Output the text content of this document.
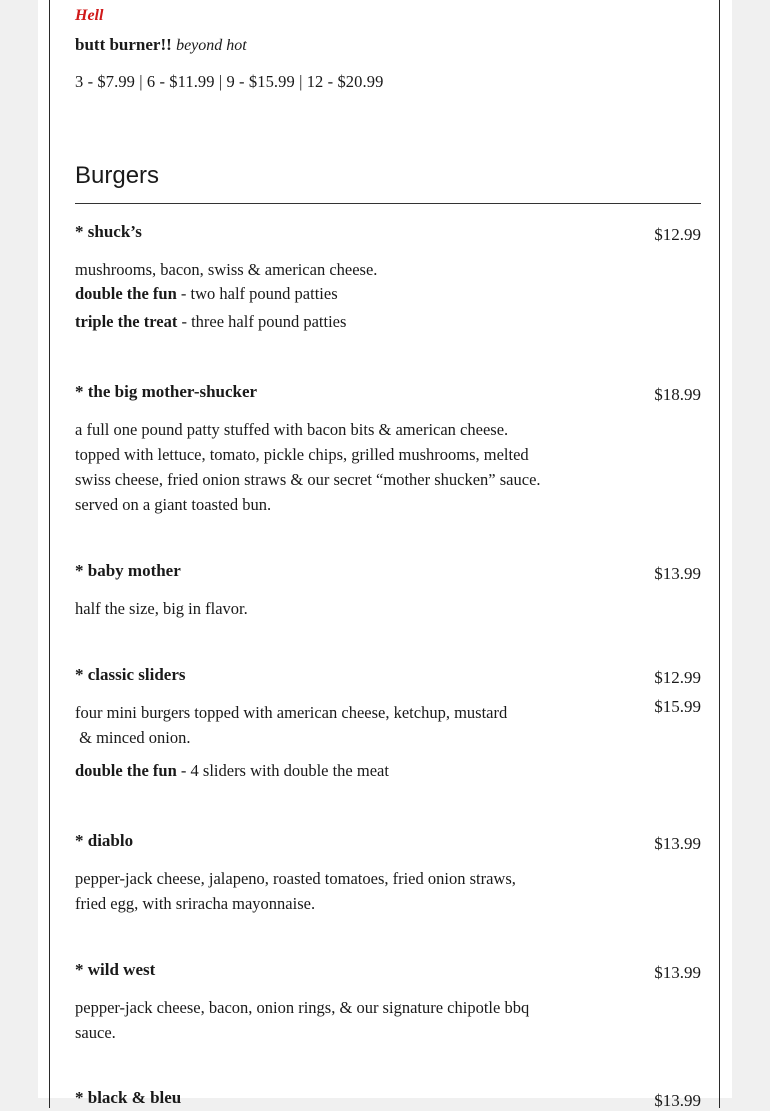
Hell
butt burner!! beyond hot
3 - $7.99 | 6 - $11.99 | 9 - $15.99 | 12 - $20.99
Burgers
* shuck’s	$12.99
mushrooms, bacon, swiss & american cheese.
double the fun - two half pound patties
triple the treat - three half pound patties
* the big mother-shucker	$18.99
a full one pound patty stuffed with bacon bits & american cheese.
topped with lettuce, tomato, pickle chips, grilled mushrooms, melted
swiss cheese, fried onion straws & our secret “mother shucken” sauce.
served on a giant toasted bun.
* baby mother	$13.99
half the size, big in flavor.
* classic sliders	$12.99
$15.99
four mini burgers topped with american cheese, ketchup, mustard
& minced onion.
double the fun - 4 sliders with double the meat
* diablo	$13.99
pepper-jack cheese, jalapeno, roasted tomatoes, fried onion straws,
fried egg, with sriracha mayonnaise.
* wild west	$13.99
pepper-jack cheese, bacon, onion rings, & our signature chipotle bbq
sauce.
* black & bleu	$13.99
